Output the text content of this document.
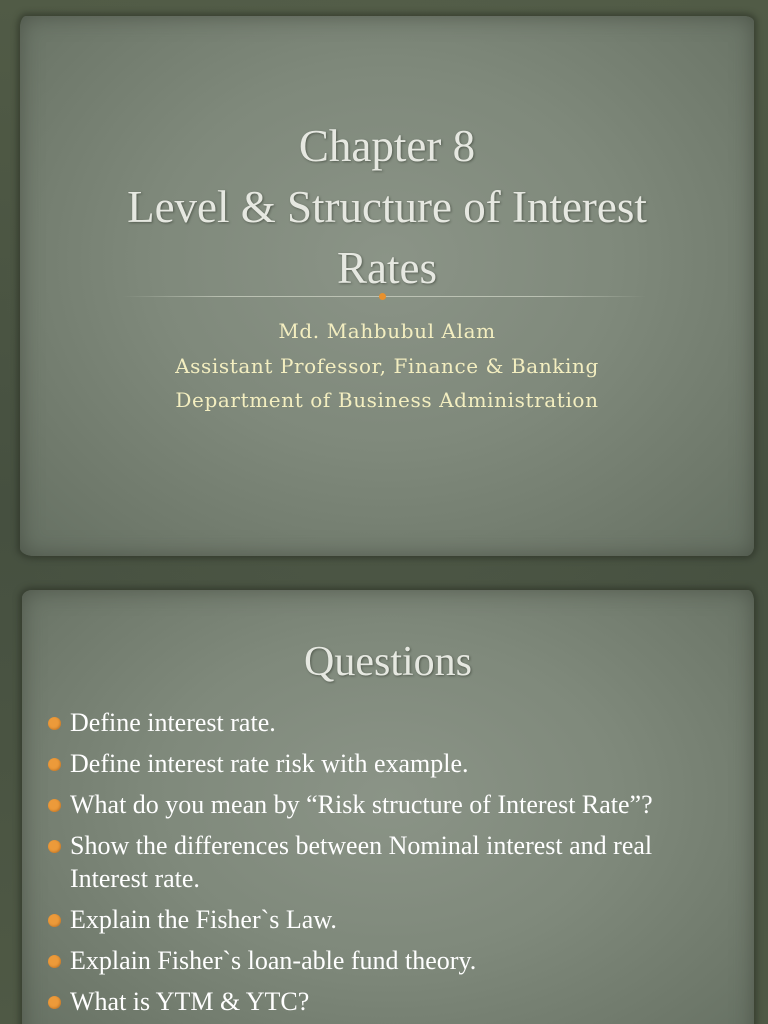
Chapter 8
Level & Structure of Interest
Rates
Md. Mahbubul Alam
Assistant Professor, Finance & Banking
Department of Business Administration
Questions
Define interest rate.
Define interest rate risk with example.
What do you mean by “Risk structure of Interest Rate”?
Show the differences between Nominal interest and real Interest rate.
Explain the Fisher`s Law.
Explain Fisher`s loan-able fund theory.
What is YTM & YTC?
